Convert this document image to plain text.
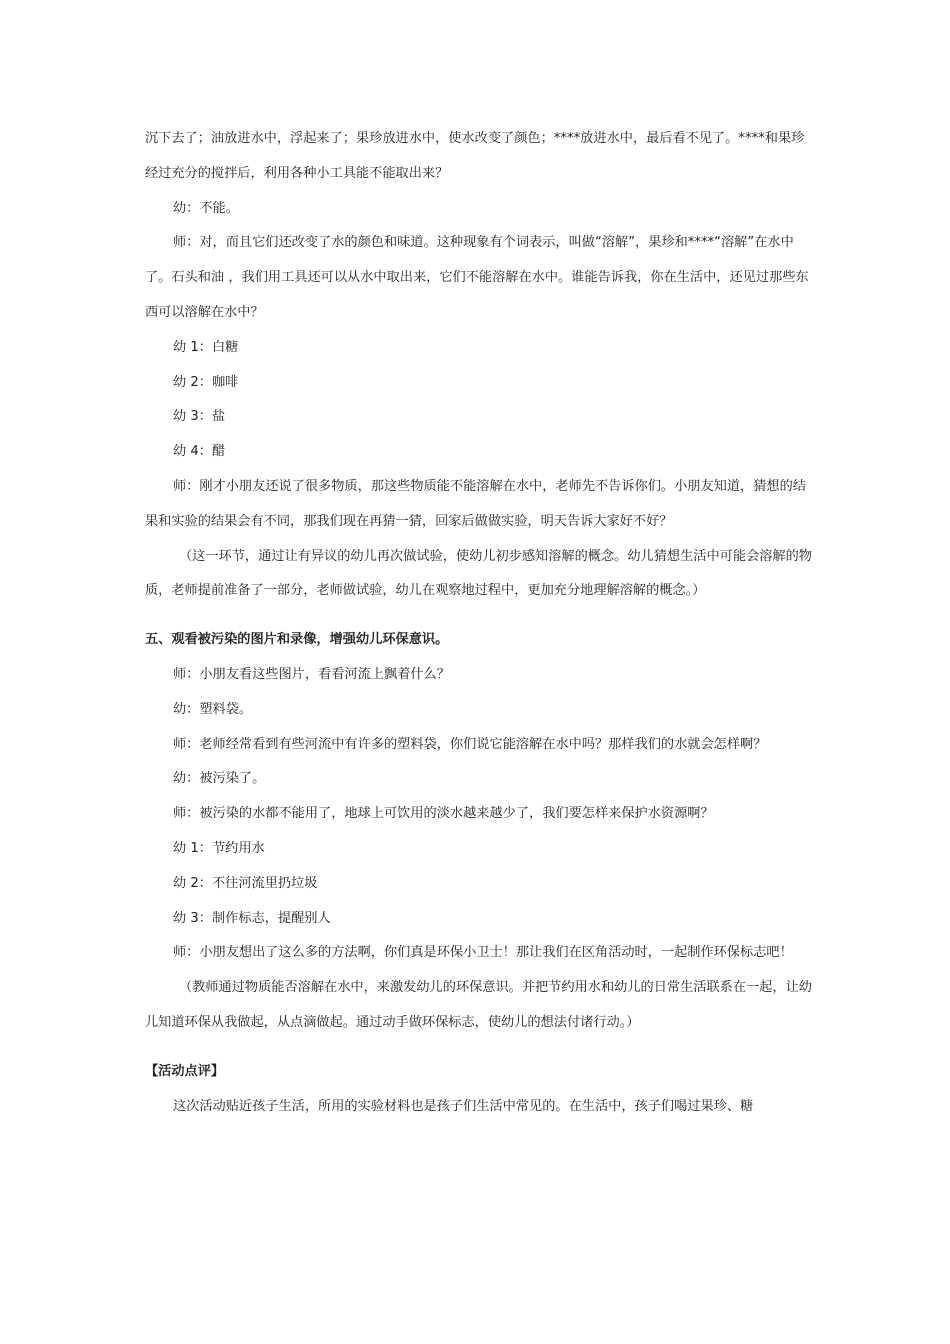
沉下去了；油放进水中，浮起来了；果珍放进水中，使水改变了颜色；****放进水中，最后看不见了。****和果珍经过充分的搅拌后，利用各种小工具能不能取出来？

幼：不能。

师：对，而且它们还改变了水的颜色和味道。这种现象有个词表示，叫做“溶解”，果珍和****“溶解”在水中了。石头和油 ，我们用工具还可以从水中取出来，它们不能溶解在水中。谁能告诉我，你在生活中，还见过那些东西可以溶解在水中？

幼 1：白糖

幼 2：咖啡

幼 3：盐

幼 4：醋

师：刚才小朋友还说了很多物质，那这些物质能不能溶解在水中，老师先不告诉你们。小朋友知道，猜想的结果和实验的结果会有不同，那我们现在再猜一猜，回家后做做实验，明天告诉大家好不好？

（这一环节，通过让有异议的幼儿再次做试验，使幼儿初步感知溶解的概念。幼儿猜想生活中可能会溶解的物质，老师提前准备了一部分，老师做试验，幼儿在观察地过程中，更加充分地理解溶解的概念。）

五、观看被污染的图片和录像，增强幼儿环保意识。

师：小朋友看这些图片，看看河流上飘着什么？

幼：塑料袋。

师：老师经常看到有些河流中有许多的塑料袋，你们说它能溶解在水中吗？那样我们的水就会怎样啊？

幼：被污染了。

师：被污染的水都不能用了，地球上可饮用的淡水越来越少了，我们要怎样来保护水资源啊？

幼 1：节约用水

幼 2：不往河流里扔垃圾

幼 3：制作标志，提醒别人

师：小朋友想出了这么多的方法啊，你们真是环保小卫士！那让我们在区角活动时，一起制作环保标志吧！

（教师通过物质能否溶解在水中，来激发幼儿的环保意识。并把节约用水和幼儿的日常生活联系在一起，让幼儿知道环保从我做起，从点滴做起。通过动手做环保标志，使幼儿的想法付诸行动。）

【活动点评】

这次活动贴近孩子生活，所用的实验材料也是孩子们生活中常见的。在生活中，孩子们喝过果珍、糖
